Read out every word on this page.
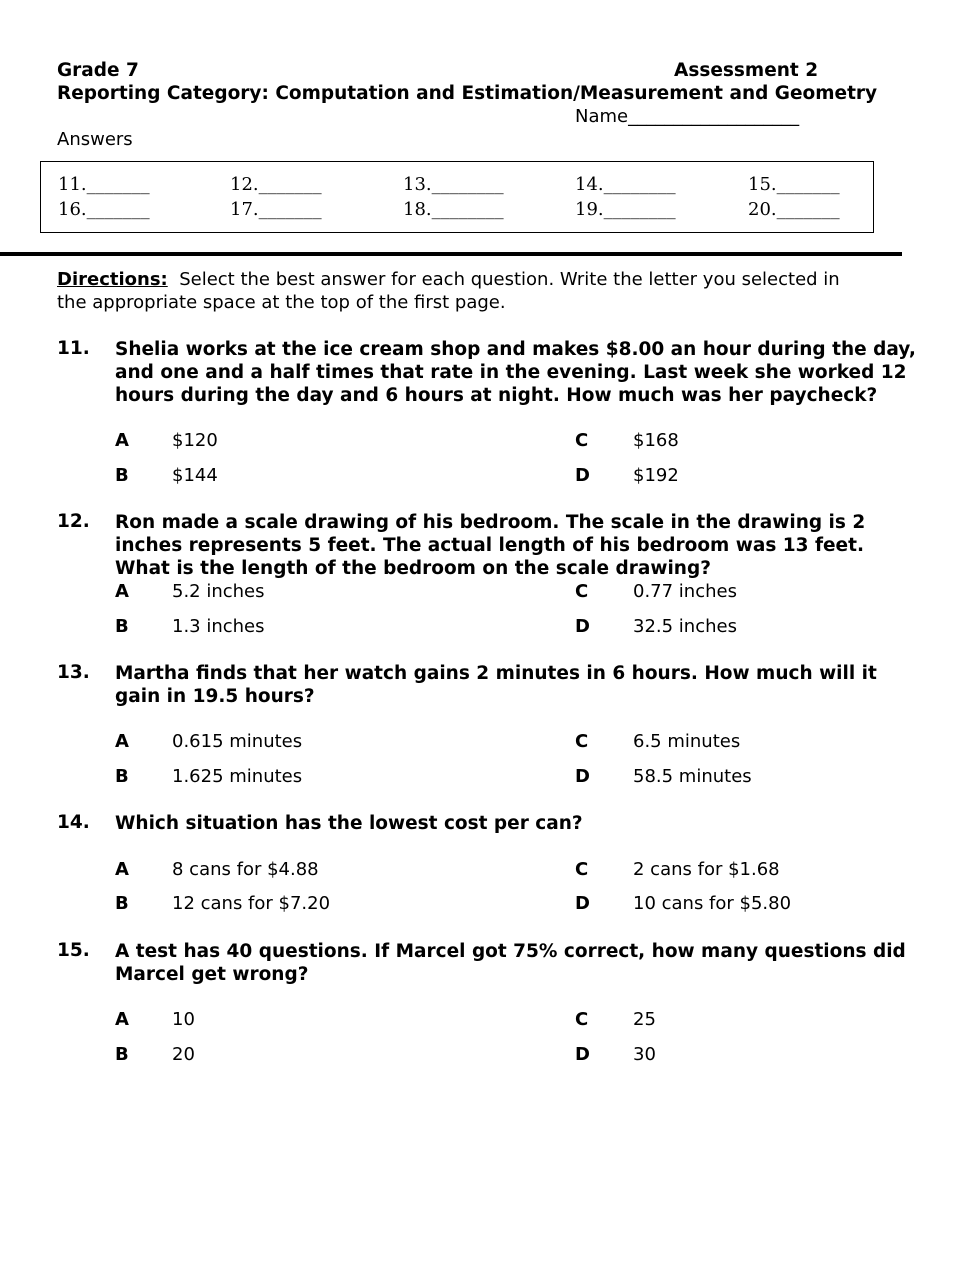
Grade 7	Assessment 2
Reporting Category: Computation and Estimation/Measurement and Geometry
Name___________________
Answers
11._______	12._______	13.________	14.________	15._______
16._______	17._______	18.________	19.________	20._______
Directions: Select the best answer for each question. Write the letter you selected in the appropriate space at the top of the first page.
11. Shelia works at the ice cream shop and makes $8.00 an hour during the day, and one and a half times that rate in the evening. Last week she worked 12 hours during the day and 6 hours at night. How much was her paycheck?
A $120	C $168
B $144	D $192
12. Ron made a scale drawing of his bedroom. The scale in the drawing is 2 inches represents 5 feet. The actual length of his bedroom was 13 feet. What is the length of the bedroom on the scale drawing?
A 5.2 inches	C 0.77 inches
B 1.3 inches	D 32.5 inches
13. Martha finds that her watch gains 2 minutes in 6 hours. How much will it gain in 19.5 hours?
A 0.615 minutes	C 6.5 minutes
B 1.625 minutes	D 58.5 minutes
14. Which situation has the lowest cost per can?
A 8 cans for $4.88	C 2 cans for $1.68
B 12 cans for $7.20	D 10 cans for $5.80
15. A test has 40 questions. If Marcel got 75% correct, how many questions did Marcel get wrong?
A 10	C 25
B 20	D 30
